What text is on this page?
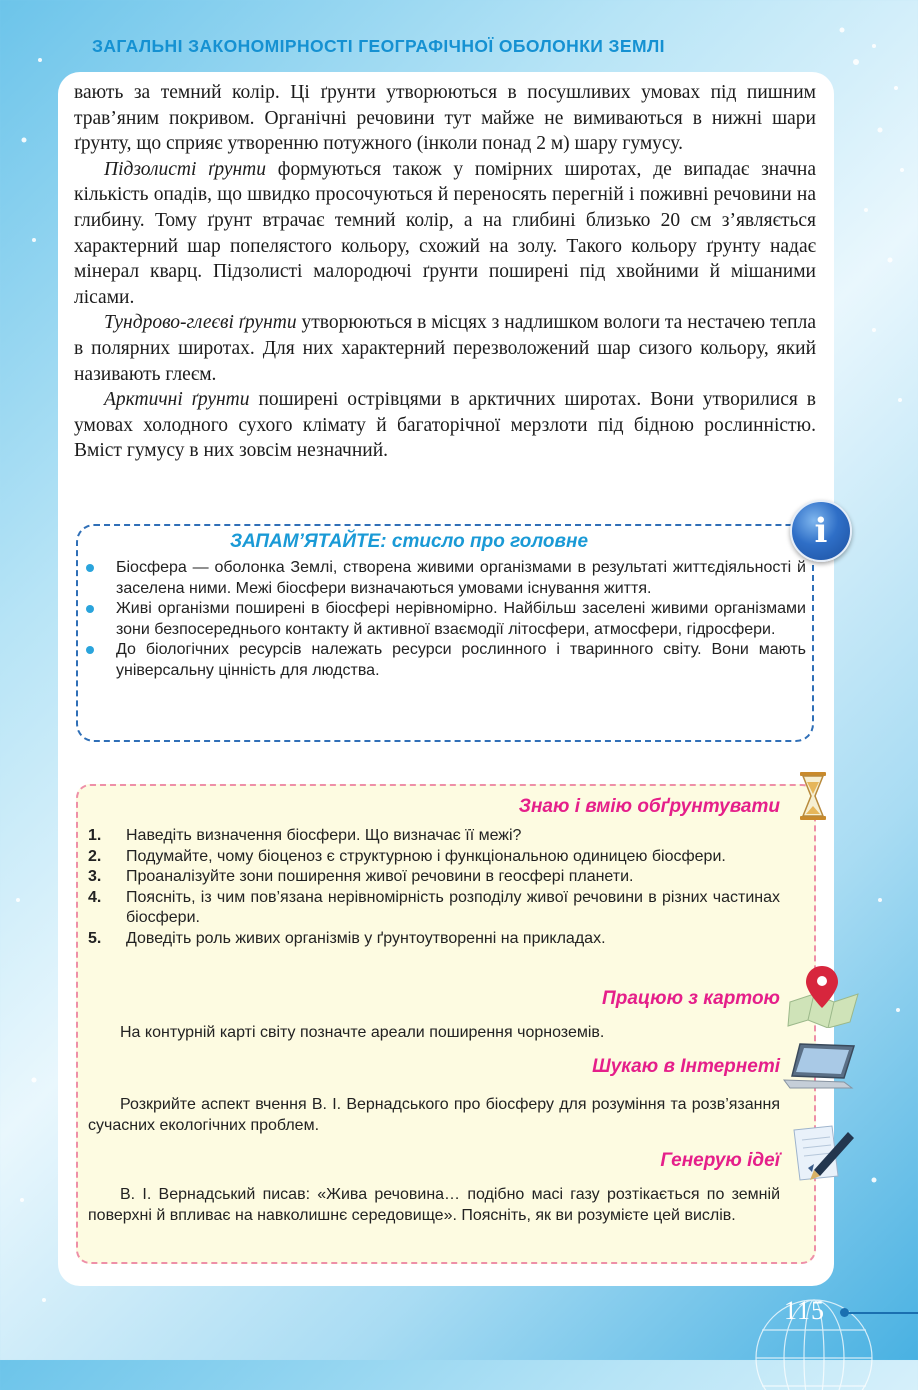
ЗАГАЛЬНІ ЗАКОНОМІРНОСТІ ГЕОГРАФІЧНОЇ ОБОЛОНКИ ЗЕМЛІ

вають за темний колір. Ці ґрунти утворюються в посушливих умовах під пишним трав’яним покривом. Органічні речовини тут майже не вимиваються в нижні шари ґрунту, що сприяє утворенню потужного (інколи понад 2 м) шару гумусу.

Підзолисті ґрунти формуються також у помірних широтах, де випадає значна кількість опадів, що швидко просочуються й переносять перегній і поживні речовини на глибину. Тому ґрунт втрачає темний колір, а на глибині близько 20 см з’являється характерний шар попелястого кольору, схожий на золу. Такого кольору ґрунту надає мінерал кварц. Підзолисті малородючі ґрунти поширені під хвойними й мішаними лісами.

Тундрово-глеєві ґрунти утворюються в місцях з надлишком вологи та нестачею тепла в полярних широтах. Для них характерний перезволожений шар сизого кольору, який називають глеєм.

Арктичні ґрунти поширені острівцями в арктичних широтах. Вони утворилися в умовах холодного сухого клімату й багаторічної мерзлоти під бідною рослинністю. Вміст гумусу в них зовсім незначний.

ЗАПАМ’ЯТАЙТЕ: стисло про головне	i
Біосфера — оболонка Землі, створена живими організмами в результаті життєдіяльності й заселена ними. Межі біосфери визначаються умовами існування життя.
Живі організми поширені в біосфері нерівномірно. Найбільш заселені живими організмами зони безпосереднього контакту й активної взаємодії літосфери, атмосфери, гідросфери.
До біологічних ресурсів належать ресурси рослинного і тваринного світу. Вони мають універсальну цінність для людства.
Знаю і вмію обґрунтувати
1. Наведіть визначення біосфери. Що визначає її межі?
2. Подумайте, чому біоценоз є структурною і функціональною одиницею біосфери.
3. Проаналізуйте зони поширення живої речовини в геосфері планети.
4. Поясніть, із чим пов’язана нерівномірність розподілу живої речовини в різних частинах біосфери.
5. Доведіть роль живих організмів у ґрунтоутворенні на прикладах.
Працюю з картою

На контурній карті світу позначте ареали поширення чорноземів.

Шукаю в Інтернеті

Розкрийте аспект вчення В. І. Вернадського про біосферу для розуміння та розв’язання сучасних екологічних проблем.

Генерую ідеї

В. І. Вернадський писав: «Жива речовина… подібно масі газу розтікається по земній поверхні й впливає на навколишнє середовище». Поясніть, як ви розумієте цей вислів.

115
